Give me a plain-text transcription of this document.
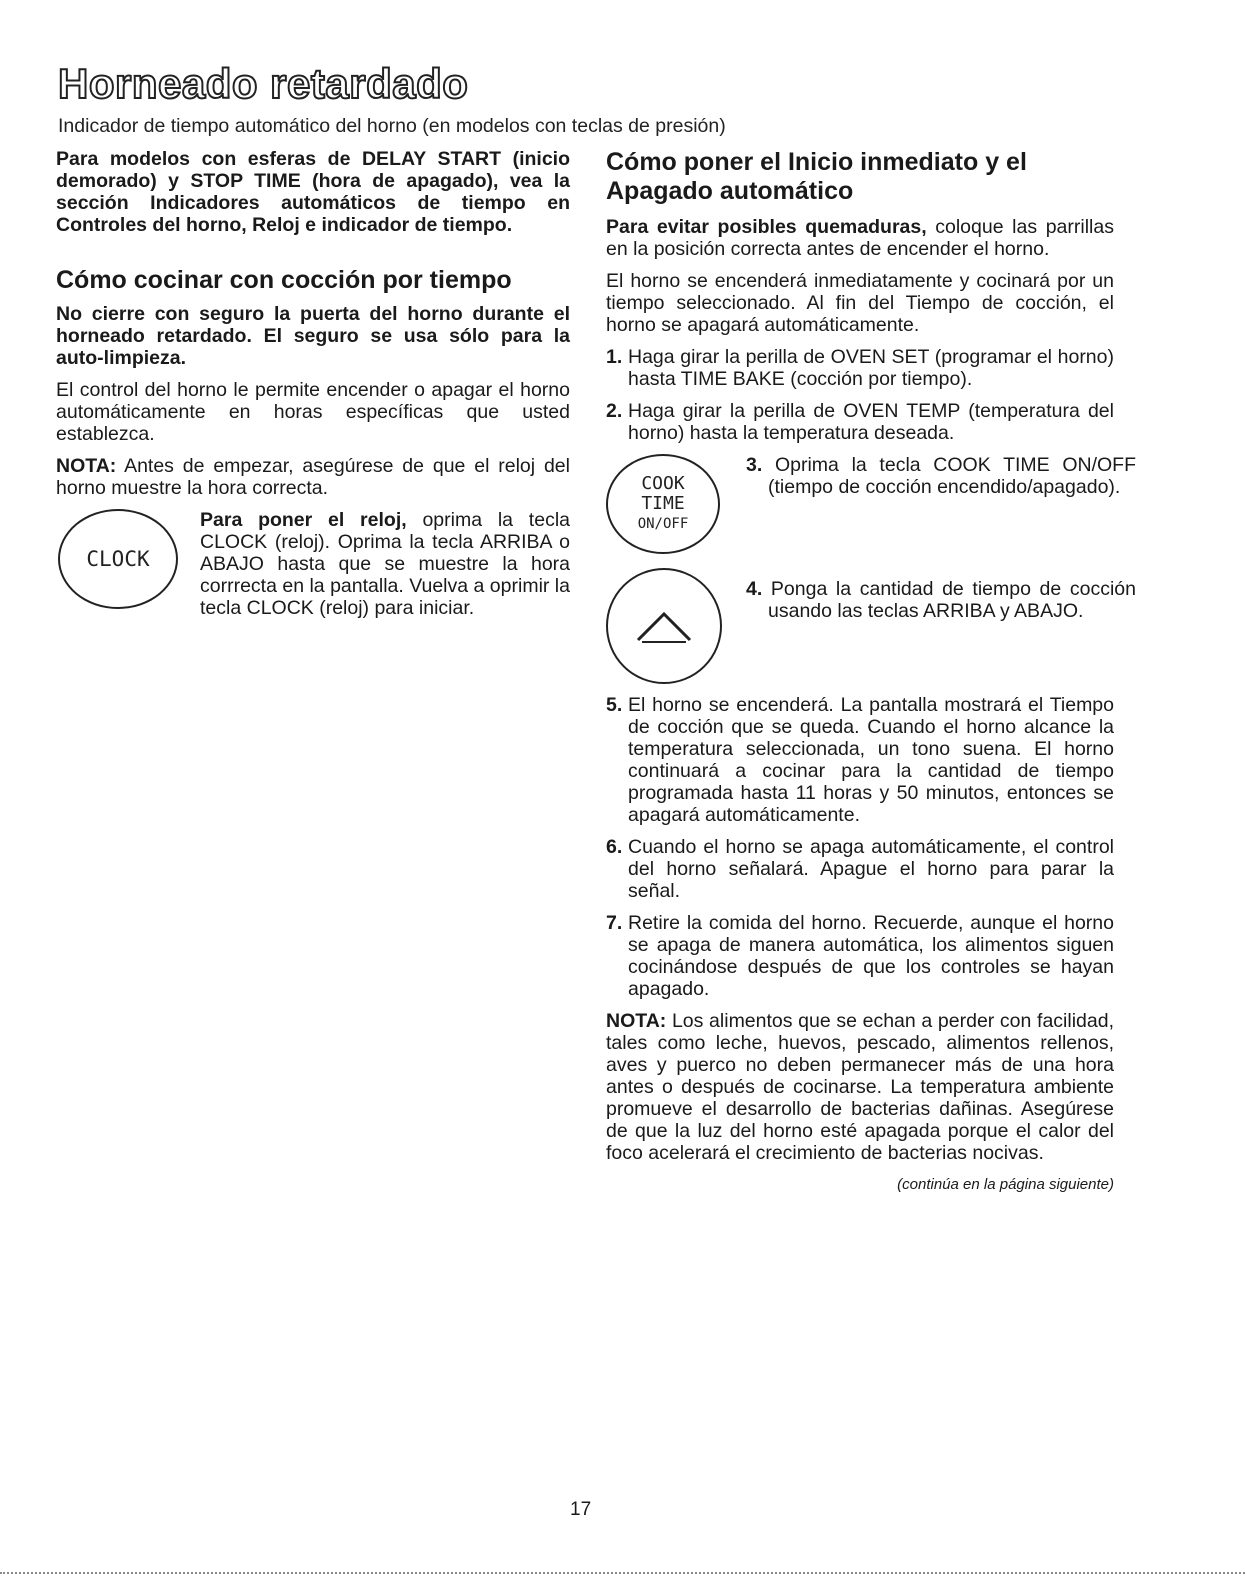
Horneado retardado
Indicador de tiempo automático del horno (en modelos con teclas de presión)

Para modelos con esferas de DELAY START (inicio demorado) y STOP TIME (hora de apagado), vea la sección Indicadores automáticos de tiempo en Controles del horno, Reloj e indicador de tiempo.

Cómo cocinar con cocción por tiempo

No cierre con seguro la puerta del horno durante el horneado retardado. El seguro se usa sólo para la auto-limpieza.

El control del horno le permite encender o apagar el horno automáticamente en horas específicas que usted establezca.

NOTA: Antes de empezar, asegúrese de que el reloj del horno muestre la hora correcta.

CLOCK

Para poner el reloj, oprima la tecla CLOCK (reloj). Oprima la tecla ARRIBA o ABAJO hasta que se muestre la hora corrrecta en la pantalla. Vuelva a oprimir la tecla CLOCK (reloj) para iniciar.

Cómo poner el Inicio inmediato y el Apagado automático

Para evitar posibles quemaduras, coloque las parrillas en la posición correcta antes de encender el horno.

El horno se encenderá inmediatamente y cocinará por un tiempo seleccionado. Al fin del Tiempo de cocción, el horno se apagará automáticamente.

1. Haga girar la perilla de OVEN SET (programar el horno) hasta TIME BAKE (cocción por tiempo).
2. Haga girar la perilla de OVEN TEMP (temperatura del horno) hasta la temperatura deseada.
COOK
TIME
ON/OFF

3. Oprima la tecla COOK TIME ON/OFF (tiempo de cocción encendido/apagado).

4. Ponga la cantidad de tiempo de cocción usando las teclas ARRIBA y ABAJO.

5. El horno se encenderá. La pantalla mostrará el Tiempo de cocción que se queda. Cuando el horno alcance la temperatura seleccionada, un tono suena. El horno continuará a cocinar para la cantidad de tiempo programada hasta 11 horas y 50 minutos, entonces se apagará automáticamente.
6. Cuando el horno se apaga automáticamente, el control del horno señalará. Apague el horno para parar la señal.
7. Retire la comida del horno. Recuerde, aunque el horno se apaga de manera automática, los alimentos siguen cocinándose después de que los controles se hayan apagado.

NOTA: Los alimentos que se echan a perder con facilidad, tales como leche, huevos, pescado, alimentos rellenos, aves y puerco no deben permanecer más de una hora antes o después de cocinarse. La temperatura ambiente promueve el desarrollo de bacterias dañinas. Asegúrese de que la luz del horno esté apagada porque el calor del foco acelerará el crecimiento de bacterias nocivas.

(continúa en la página siguiente)

17
